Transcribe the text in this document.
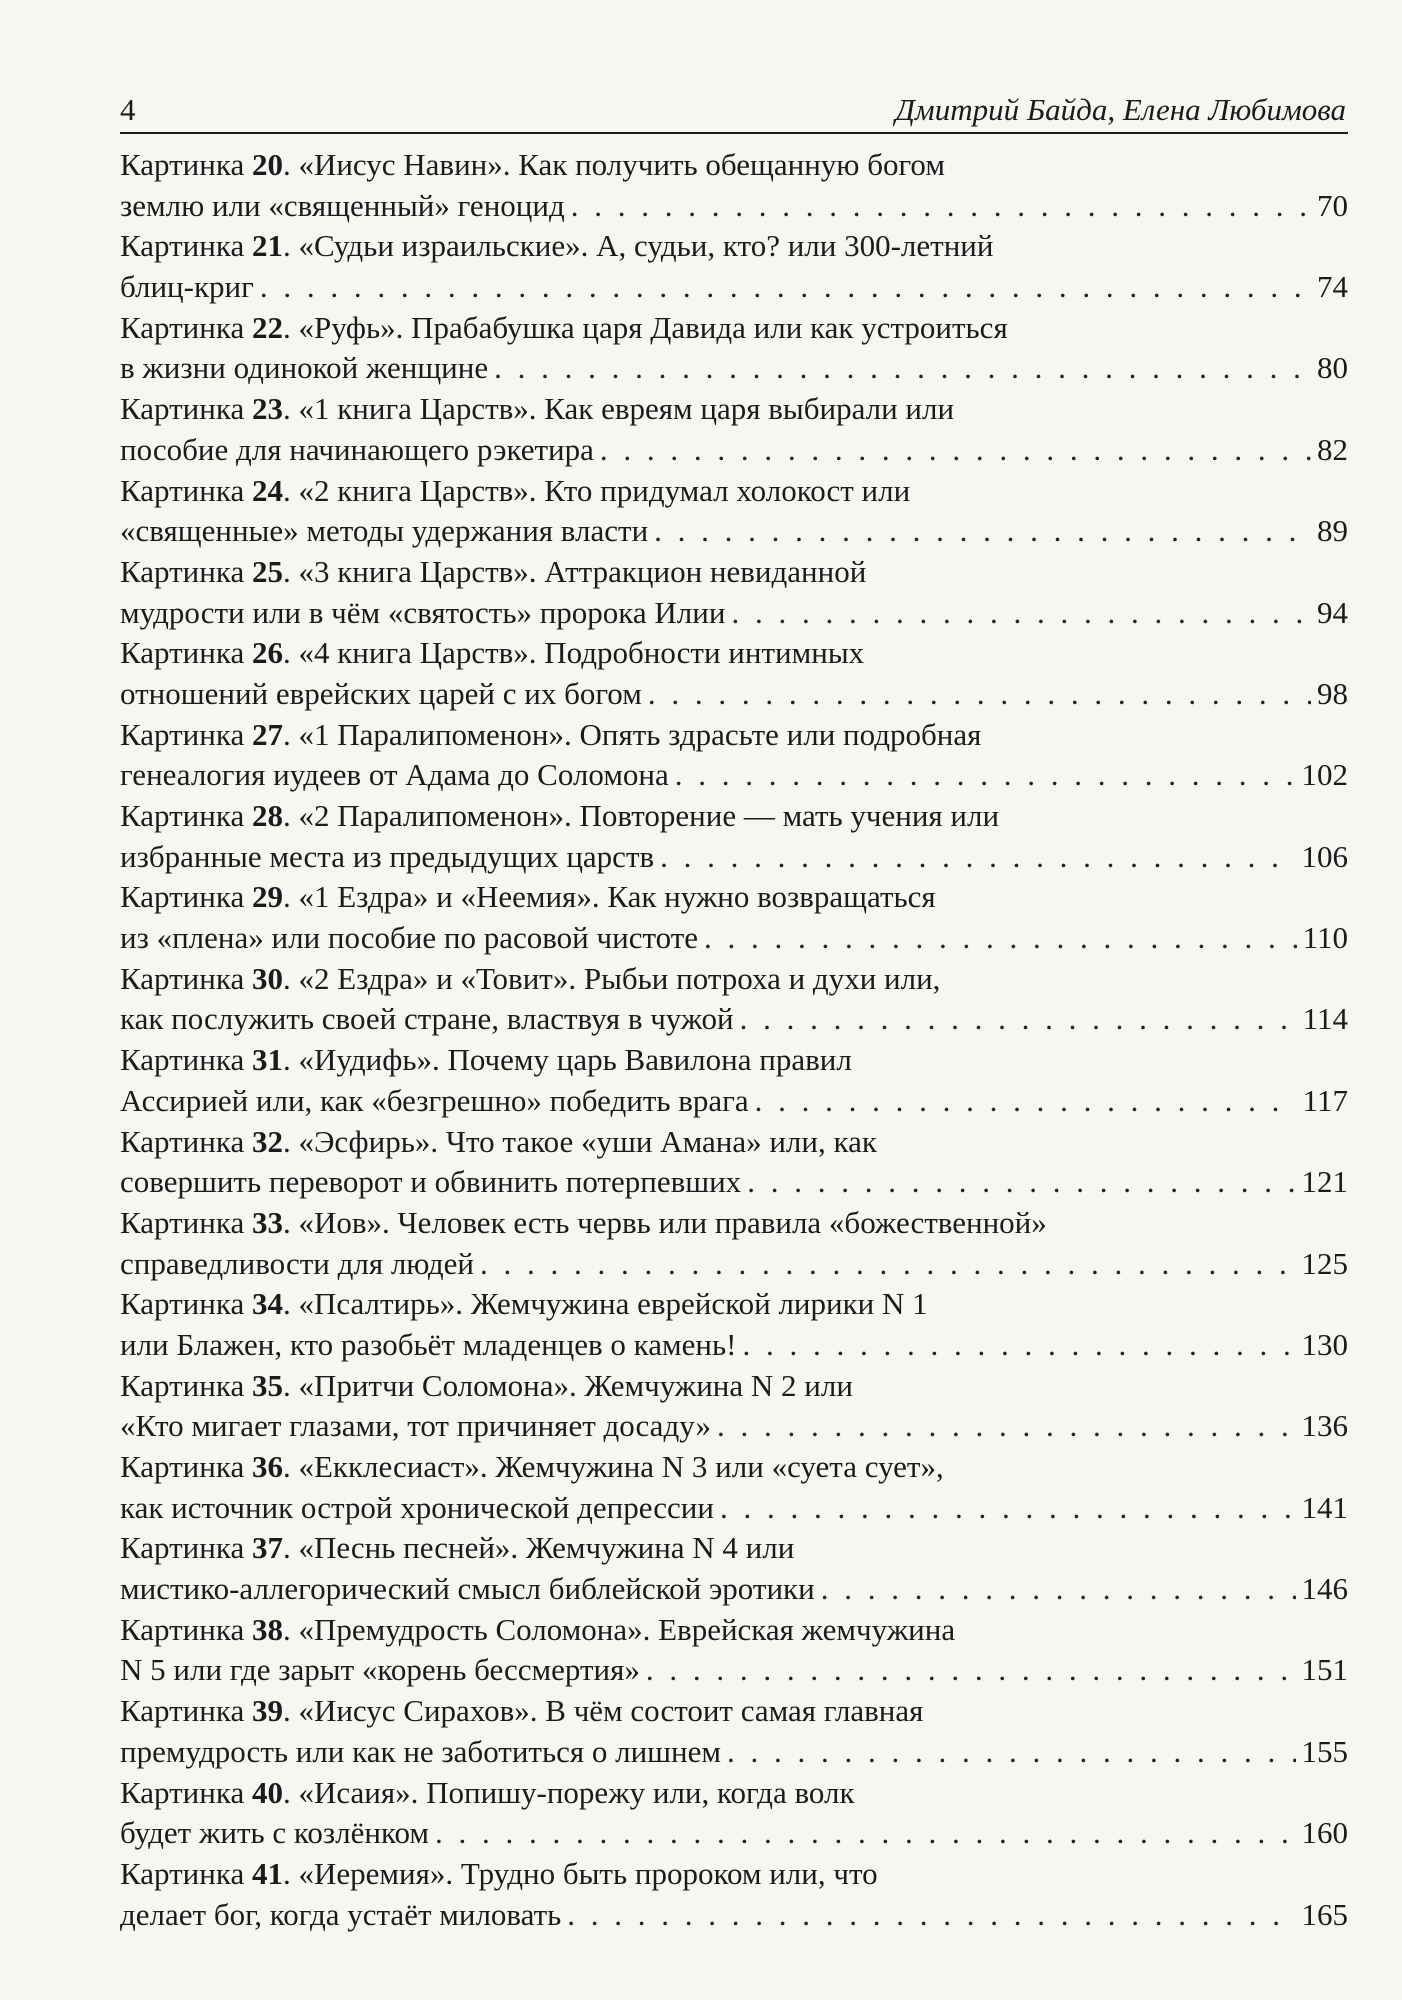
4	Дмитрий Байда, Елена Любимова
Картинка 20. «Иисус Навин». Как получить обещанную богом
землю или «священный» геноцид . . .	70
Картинка 21. «Судьи израильские». А, судьи, кто? или 300-летний
блиц-криг . . .	74
Картинка 22. «Руфь». Прабабушка царя Давида или как устроиться
в жизни одинокой женщине . . .	80
Картинка 23. «1 книга Царств». Как евреям царя выбирали или
пособие для начинающего рэкетира . . .	82
Картинка 24. «2 книга Царств». Кто придумал холокост или
«священные» методы удержания власти . . .	89
Картинка 25. «3 книга Царств». Аттракцион невиданной
мудрости или в чём «святость» пророка Илии . . .	94
Картинка 26. «4 книга Царств». Подробности интимных
отношений еврейских царей с их богом . . .	98
Картинка 27. «1 Паралипоменон». Опять здрасьте или подробная
генеалогия иудеев от Адама до Соломона . . .	102
Картинка 28. «2 Паралипоменон». Повторение — мать учения или
избранные места из предыдущих царств . . .	106
Картинка 29. «1 Ездра» и «Неемия». Как нужно возвращаться
из «плена» или пособие по расовой чистоте . . .	110
Картинка 30. «2 Ездра» и «Товит». Рыбьи потроха и духи или,
как послужить своей стране, властвуя в чужой . . .	114
Картинка 31. «Иудифь». Почему царь Вавилона правил
Ассирией или, как «безгрешно» победить врага . . .	117
Картинка 32. «Эсфирь». Что такое «уши Амана» или, как
совершить переворот и обвинить потерпевших . . .	121
Картинка 33. «Иов». Человек есть червь или правила «божественной»
справедливости для людей . . .	125
Картинка 34. «Псалтирь». Жемчужина еврейской лирики N 1
или Блажен, кто разобьёт младенцев о камень! . . .	130
Картинка 35. «Притчи Соломона». Жемчужина N 2 или
«Кто мигает глазами, тот причиняет досаду» . . .	136
Картинка 36. «Екклесиаст». Жемчужина N 3 или «суета сует»,
как источник острой хронической депрессии . . .	141
Картинка 37. «Песнь песней». Жемчужина N 4 или
мистико-аллегорический смысл библейской эротики . . .	146
Картинка 38. «Премудрость Соломона». Еврейская жемчужина
N 5 или где зарыт «корень бессмертия» . . .	151
Картинка 39. «Иисус Сирахов». В чём состоит самая главная
премудрость или как не заботиться о лишнем . . .	155
Картинка 40. «Исаия». Попишу-порежу или, когда волк
будет жить с козлёнком . . .	160
Картинка 41. «Иеремия». Трудно быть пророком или, что
делает бог, когда устаёт миловать . . .	165
